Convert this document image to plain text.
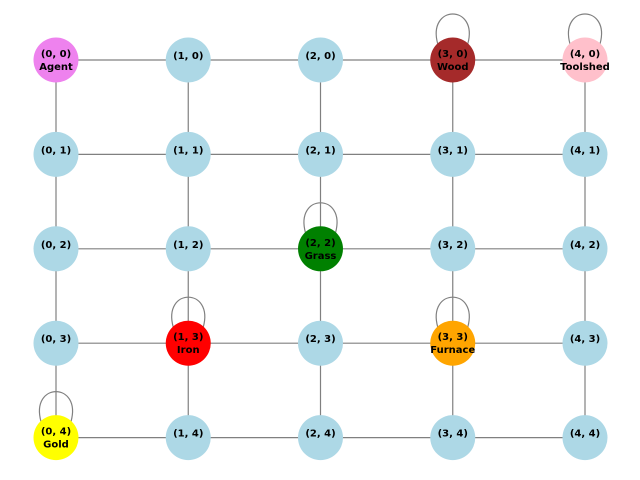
(0, 0)
Agent
(1, 0)	(2, 0)	(3, 0)
Wood
(4, 0)
Toolshed
(0, 1)	(1, 1)	(2, 1)	(3, 1)	(4, 1)
(0, 2)	(1, 2)	(2, 2)
Grass
(3, 2)	(4, 2)
(0, 3)	(1, 3)
Iron
(2, 3)	(3, 3)
Furnace
(4, 3)
(0, 4)
Gold
(1, 4)	(2, 4)	(3, 4)	(4, 4)
